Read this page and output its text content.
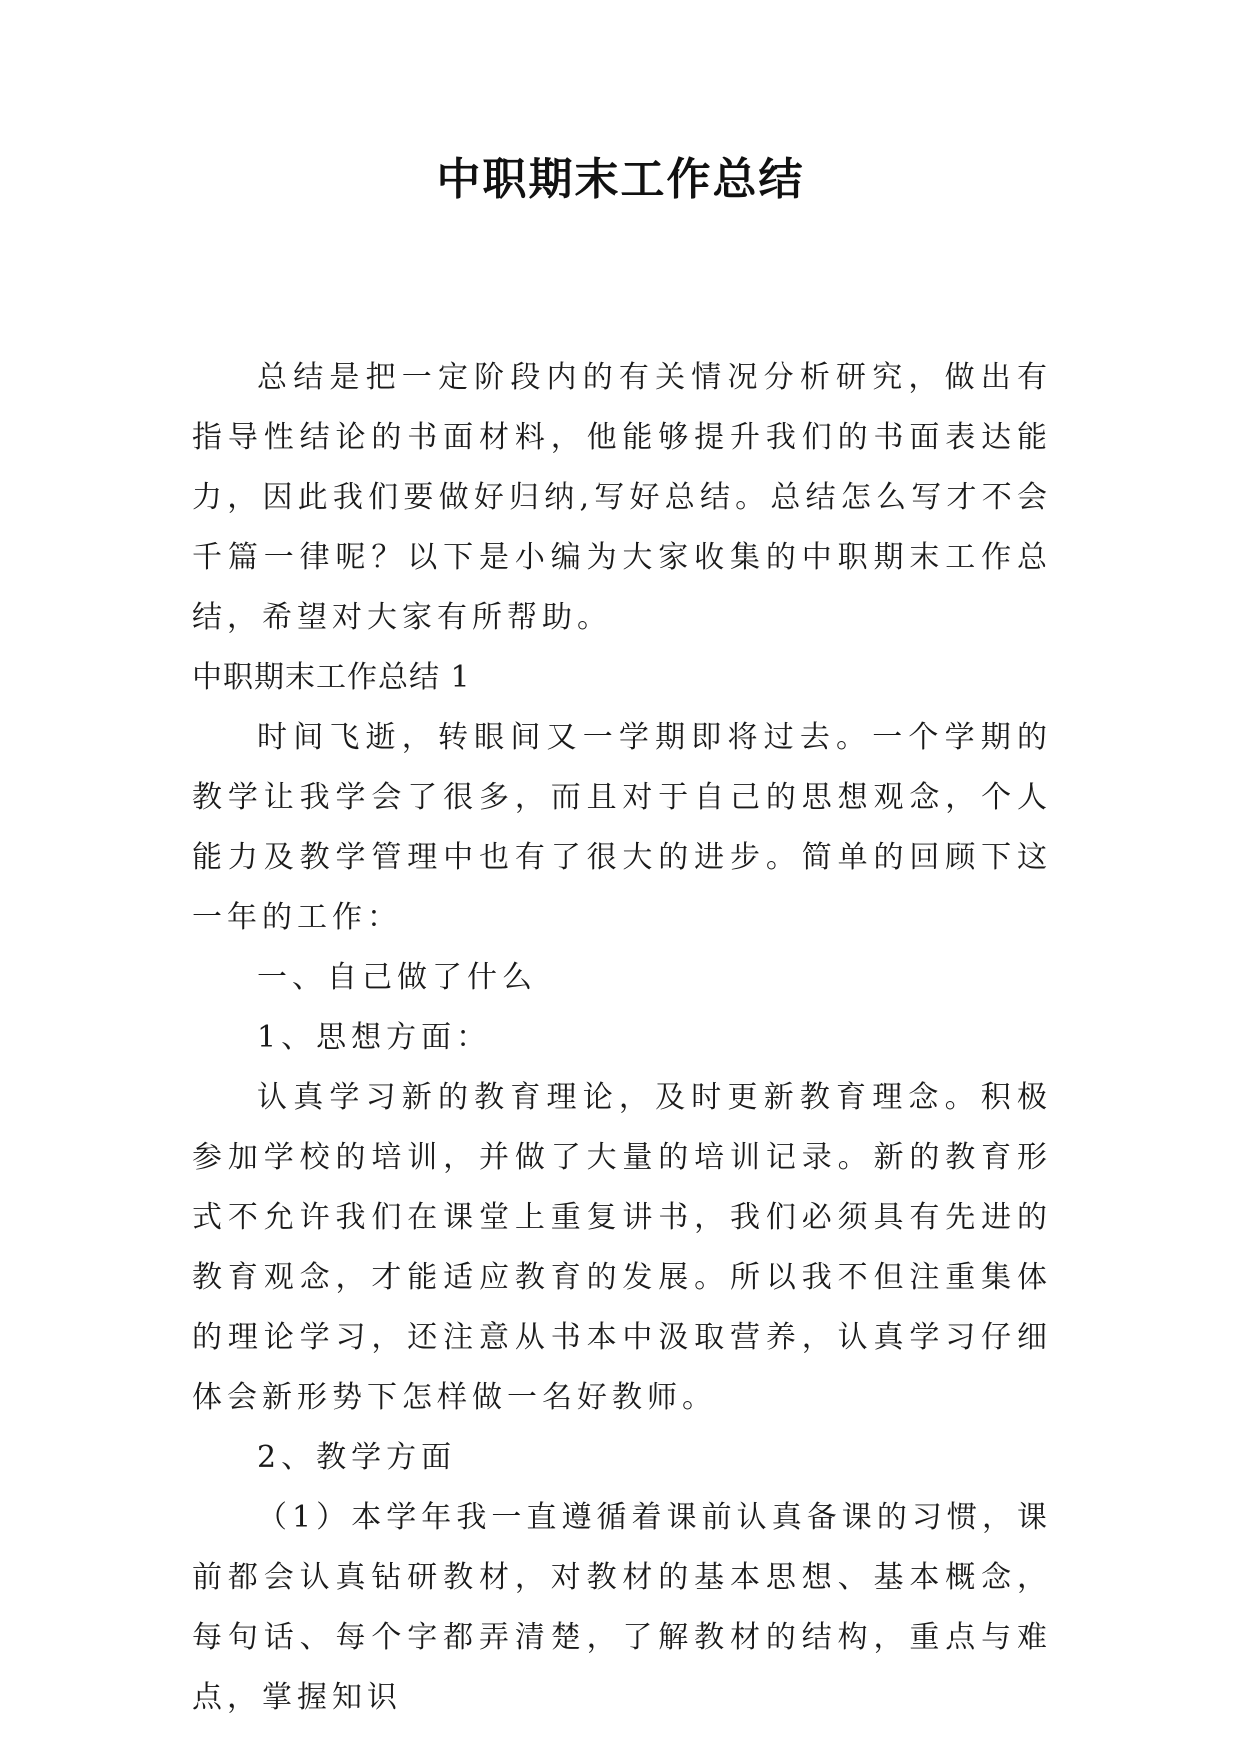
中职期末工作总结

总结是把一定阶段内的有关情况分析研究，做出有指导性结论的书面材料，他能够提升我们的书面表达能力，因此我们要做好归纳,写好总结。总结怎么写才不会千篇一律呢？以下是小编为大家收集的中职期末工作总结，希望对大家有所帮助。

中职期末工作总结 1

时间飞逝，转眼间又一学期即将过去。一个学期的教学让我学会了很多，而且对于自己的思想观念，个人能力及教学管理中也有了很大的进步。简单的回顾下这一年的工作：

一、自己做了什么

1、思想方面：

认真学习新的教育理论，及时更新教育理念。积极参加学校的培训，并做了大量的培训记录。新的教育形式不允许我们在课堂上重复讲书，我们必须具有先进的教育观念，才能适应教育的发展。所以我不但注重集体的理论学习，还注意从书本中汲取营养，认真学习仔细体会新形势下怎样做一名好教师。

2、教学方面

（1）本学年我一直遵循着课前认真备课的习惯，课前都会认真钻研教材，对教材的基本思想、基本概念，每句话、每个字都弄清楚，了解教材的结构，重点与难点，掌握知识
